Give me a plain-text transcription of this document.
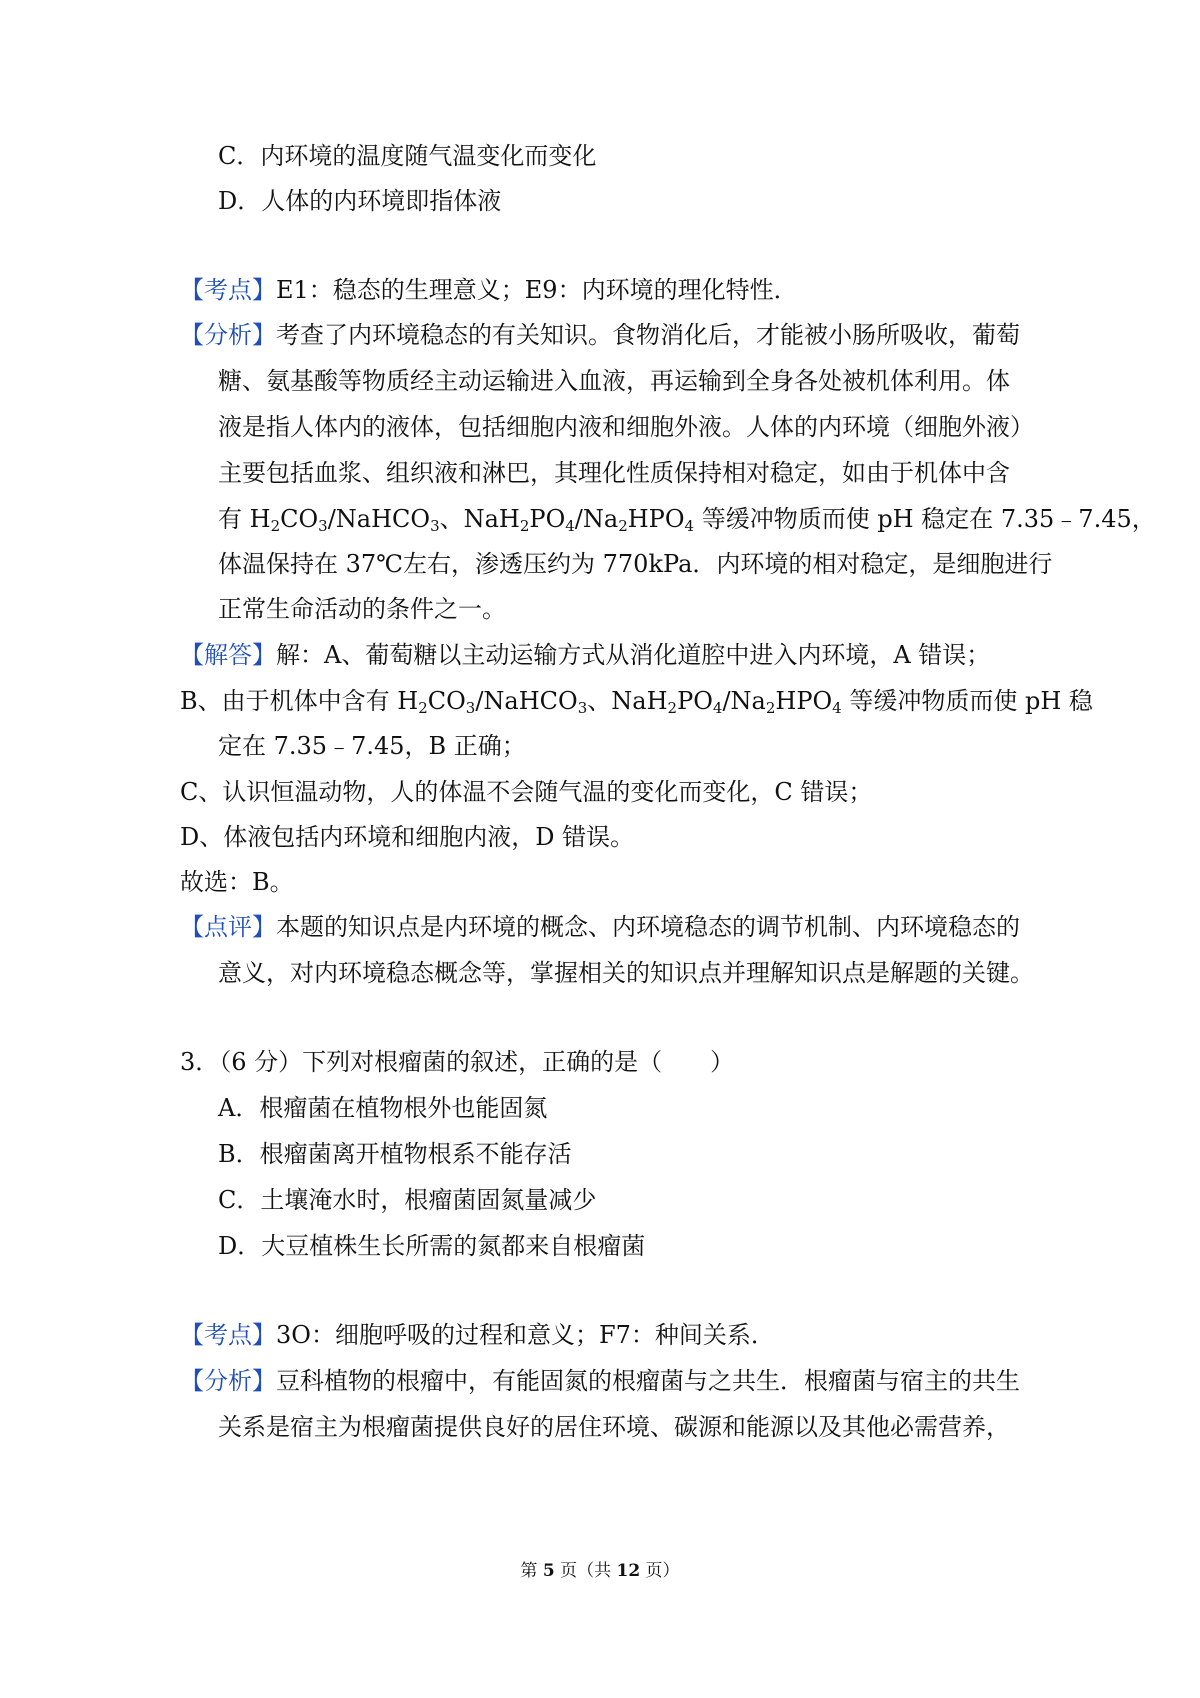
C．内环境的温度随气温变化而变化
D．人体的内环境即指体液
【考点】E1：稳态的生理意义；E9：内环境的理化特性．
【分析】考查了内环境稳态的有关知识。食物消化后，才能被小肠所吸收，葡萄
糖、氨基酸等物质经主动运输进入血液，再运输到全身各处被机体利用。体
液是指人体内的液体，包括细胞内液和细胞外液。人体的内环境（细胞外液）
主要包括血浆、组织液和淋巴，其理化性质保持相对稳定，如由于机体中含
有 $H_2CO_3/NaHCO_3$、$NaH_2PO_4/Na_2HPO_4$ 等缓冲物质而使 pH 稳定在 7.35﹣7.45，
体温保持在 37℃左右，渗透压约为 770kPa．内环境的相对稳定，是细胞进行
正常生命活动的条件之一。
【解答】解：A、葡萄糖以主动运输方式从消化道腔中进入内环境，A 错误；
B、由于机体中含有 $H_2CO_3/NaHCO_3$、$NaH_2PO_4/Na_2HPO_4$ 等缓冲物质而使 pH 稳
定在 7.35﹣7.45，B 正确；
C、认识恒温动物，人的体温不会随气温的变化而变化，C 错误；
D、体液包括内环境和细胞内液，D 错误。
故选：B。
【点评】本题的知识点是内环境的概念、内环境稳态的调节机制、内环境稳态的
意义，对内环境稳态概念等，掌握相关的知识点并理解知识点是解题的关键。
3．（6 分）下列对根瘤菌的叙述，正确的是（　　）
A．根瘤菌在植物根外也能固氮
B．根瘤菌离开植物根系不能存活
C．土壤淹水时，根瘤菌固氮量减少
D．大豆植株生长所需的氮都来自根瘤菌
【考点】3O：细胞呼吸的过程和意义；F7：种间关系．
【分析】豆科植物的根瘤中，有能固氮的根瘤菌与之共生．根瘤菌与宿主的共生
关系是宿主为根瘤菌提供良好的居住环境、碳源和能源以及其他必需营养，
第 5 页（共 12 页）
